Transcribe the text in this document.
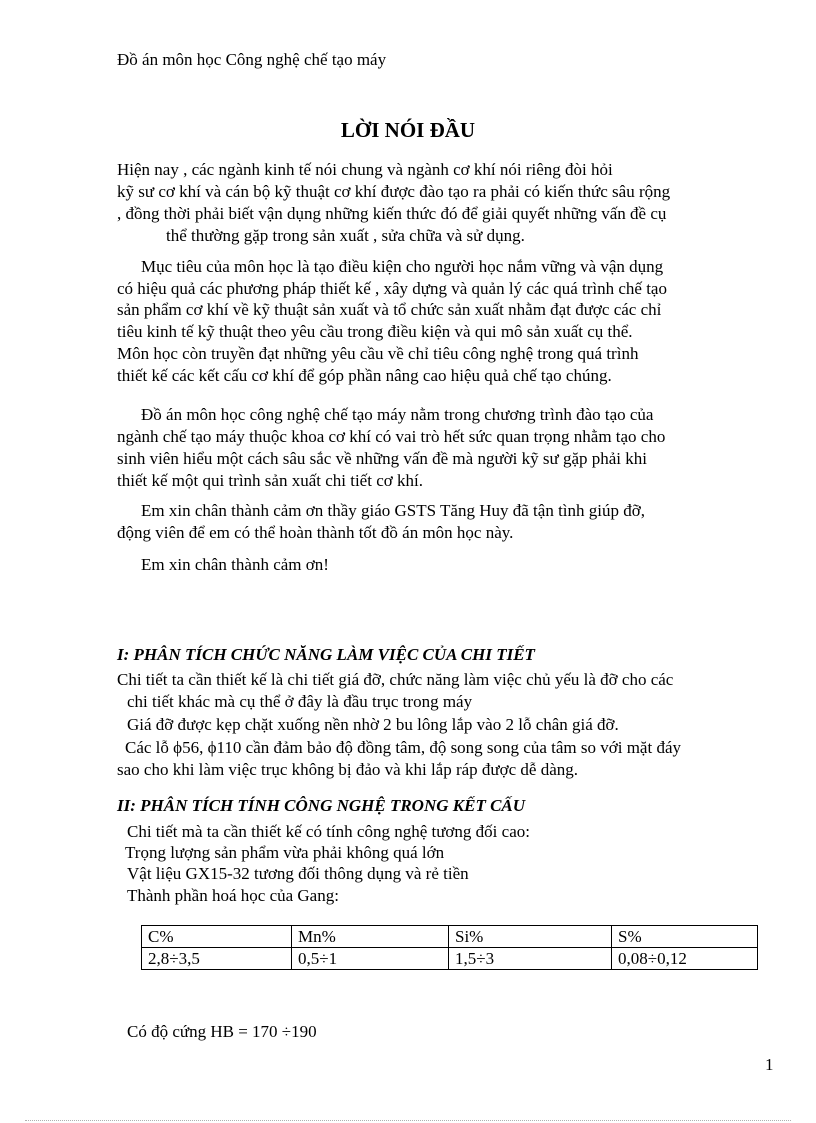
Đồ án môn học Công nghệ chế tạo máy
LỜI NÓI ĐẦU
Hiện nay , các ngành kinh tế nói chung và ngành cơ khí nói riêng đòi hỏi
kỹ sư cơ khí và cán bộ kỹ thuật cơ khí được đào tạo ra phải có kiến thức sâu rộng
, đồng thời phải biết vận dụng những kiến thức đó để giải quyết những vấn đề cụ
thể thường gặp trong sản xuất , sửa chữa và sử dụng.
Mục tiêu của môn học là tạo điều kiện cho người học nắm vững và vận dụng
có hiệu quả các phương pháp thiết kế , xây dựng và quản lý các quá trình chế tạo
sản phẩm cơ khí về kỹ thuật sản xuất và tổ chức sản xuất nhằm đạt được các chỉ
tiêu kinh tế kỹ thuật theo yêu cầu trong điều kiện và qui mô sản xuất cụ thể.
Môn học còn truyền đạt những yêu cầu về chỉ tiêu công nghệ trong quá trình
thiết kế các kết cấu cơ khí để góp phần nâng cao hiệu quả chế tạo chúng.
Đồ án môn học công nghệ chế tạo máy nằm trong chương trình đào tạo của
ngành chế tạo máy thuộc khoa cơ khí có vai trò hết sức quan trọng nhằm tạo cho
sinh viên hiểu một cách sâu sắc về những vấn đề mà người kỹ sư gặp phải khi
thiết kế một qui trình sản xuất chi tiết cơ khí.
Em xin chân thành cảm ơn thầy giáo GSTS Tăng Huy đã tận tình giúp đỡ,
động viên để em có thể hoàn thành tốt đồ án môn học này.
Em xin chân thành cảm ơn!
I: PHÂN TÍCH CHỨC NĂNG LÀM VIỆC CỦA CHI TIẾT
Chi tiết ta cần thiết kế là chi tiết giá đỡ, chức năng làm việc chủ yếu là đỡ cho các
chi tiết khác mà cụ thể ở đây là đầu trục trong máy
Giá đỡ được kẹp chặt xuống nền nhờ 2 bu lông lắp vào 2 lỗ chân giá đỡ.
Các lỗ ϕ56, ϕ110 cần đảm bảo độ đồng tâm, độ song song của tâm so với mặt đáy
sao cho khi làm việc trục không bị đảo và khi lắp ráp được dễ dàng.
II: PHÂN TÍCH TÍNH CÔNG NGHỆ TRONG KẾT CẤU
Chi tiết mà ta cần thiết kế có tính công nghệ tương đối cao:
Trọng lượng sản phẩm vừa phải không quá lớn
Vật liệu GX15-32 tương đối thông dụng và rẻ tiền
Thành phần hoá học của Gang:
C%	Mn%	Si%	S%
2,8÷3,5	0,5÷1	1,5÷3	0,08÷0,12
Có độ cứng HB = 170 ÷190
1
